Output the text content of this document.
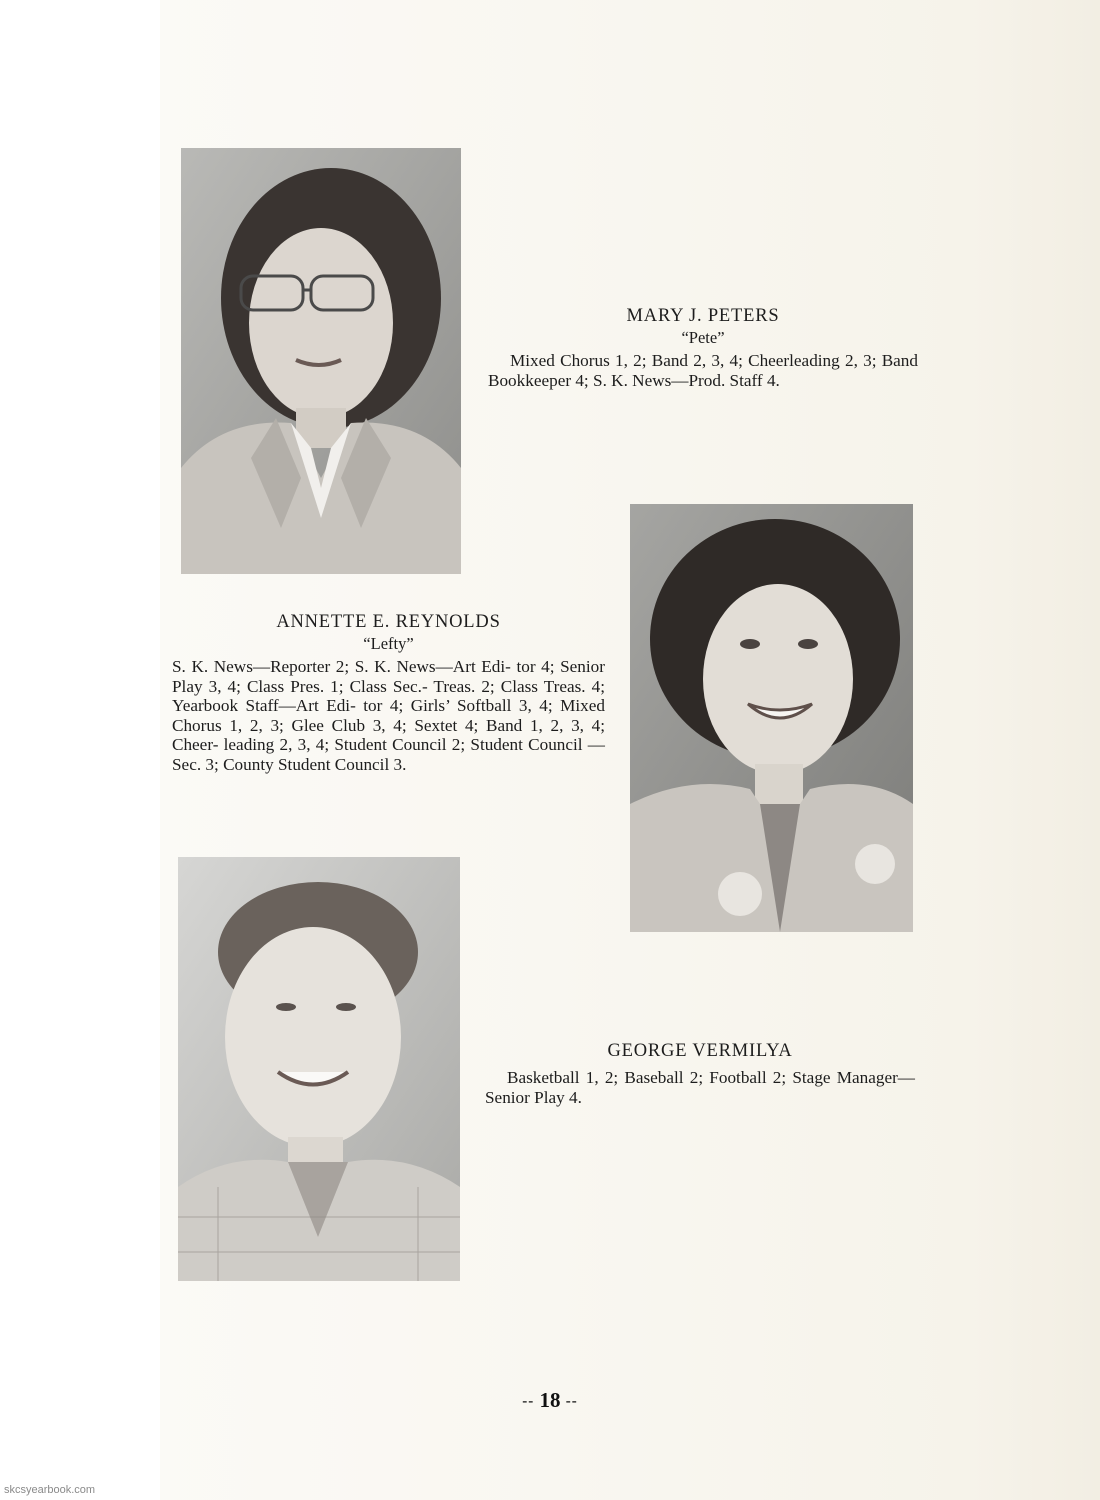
MARY J. PETERS
“Pete”
Mixed Chorus 1, 2; Band 2, 3, 4; Cheerleading 2, 3; Band Bookkeeper 4; S. K. News—Prod. Staff 4.
ANNETTE E. REYNOLDS
“Lefty”
S. K. News—Reporter 2; S. K. News—Art Edi- tor 4; Senior Play 3, 4; Class Pres. 1; Class Sec.- Treas. 2; Class Treas. 4; Yearbook Staff—Art Edi- tor 4; Girls’ Softball 3, 4; Mixed Chorus 1, 2, 3; Glee Club 3, 4; Sextet 4; Band 1, 2, 3, 4; Cheer- leading 2, 3, 4; Student Council 2; Student Council —Sec. 3; County Student Council 3.
GEORGE VERMILYA
Basketball 1, 2; Baseball 2; Football 2; Stage Manager—Senior Play 4.
‐‐ 18 ‐‐
skcsyearbook.com
